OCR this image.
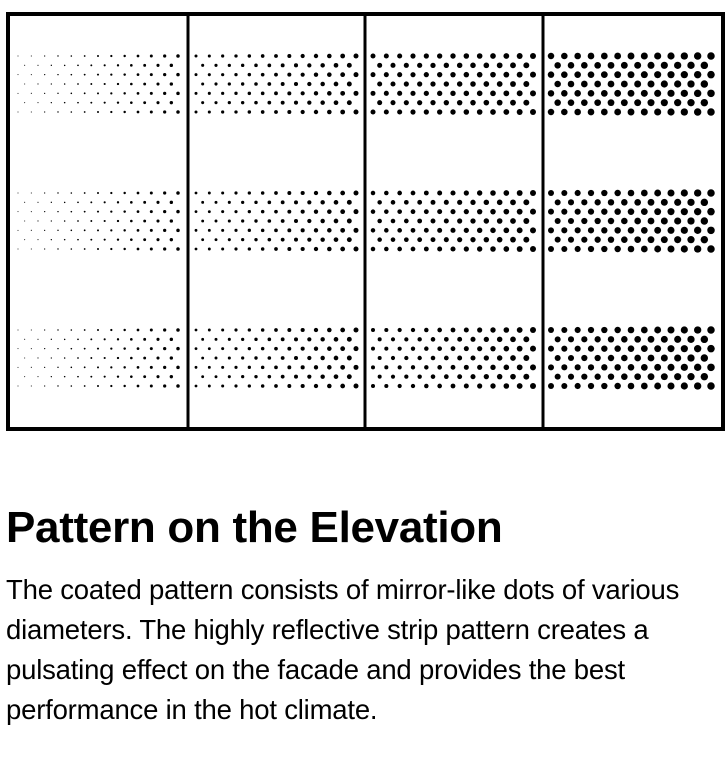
Pattern on the Elevation

The coated pattern consists of mirror-like dots of various diameters. The highly reflective strip pattern creates a pulsating effect on the facade and provides the best performance in the hot climate.
